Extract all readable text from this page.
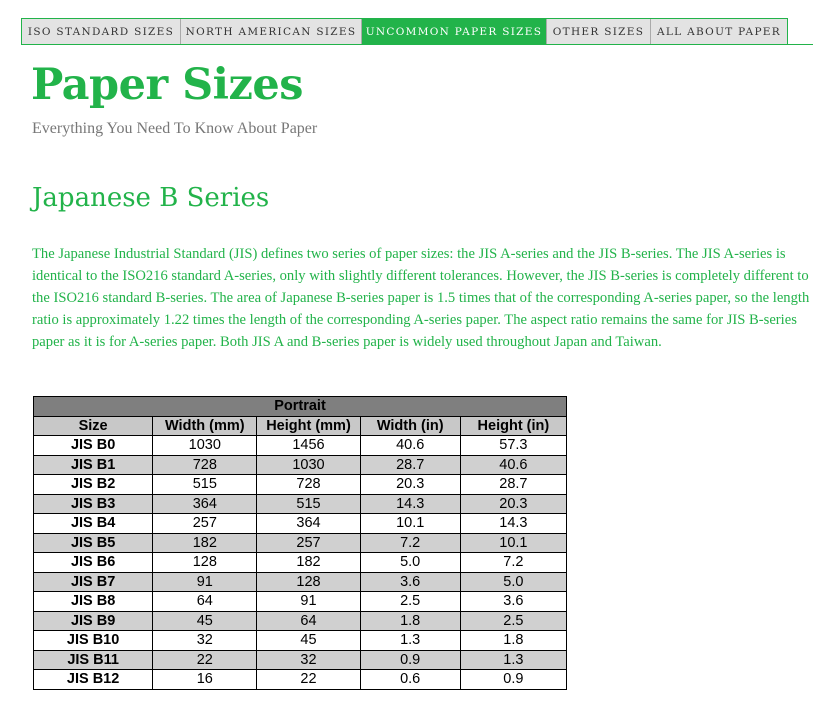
ISO STANDARD SIZES	NORTH AMERICAN SIZES UNCOMMON PAPER SIZES	OTHER SIZES	ALL ABOUT PAPER
Paper Sizes

Everything You Need To Know About Paper

Japanese B Series

The Japanese Industrial Standard (JIS) defines two series of paper sizes: the JIS A-series and the JIS B-series. The JIS A-series is identical to the ISO216 standard A-series, only with slightly different tolerances. However, the JIS B-series is completely different to the ISO216 standard B-series. The area of Japanese B-series paper is 1.5 times that of the corresponding A-series paper, so the length ratio is approximately 1.22 times the length of the corresponding A-series paper. The aspect ratio remains the same for JIS B-series paper as it is for A-series paper. Both JIS A and B-series paper is widely used throughout Japan and Taiwan.

Portrait				
Size	Width (mm)	Height (mm)	Width (in)	Height (in)
JIS B0	1030	1456	40.6	57.3
JIS B1	728	1030	28.7	40.6
JIS B2	515	728	20.3	28.7
JIS B3	364	515	14.3	20.3
JIS B4	257	364	10.1	14.3
JIS B5	182	257	7.2	10.1
JIS B6	128	182	5.0	7.2
JIS B7	91	128	3.6	5.0
JIS B8	64	91	2.5	3.6
JIS B9	45	64	1.8	2.5
JIS B10	32	45	1.3	1.8
JIS B11	22	32	0.9	1.3
JIS B12	16	22	0.6	0.9
